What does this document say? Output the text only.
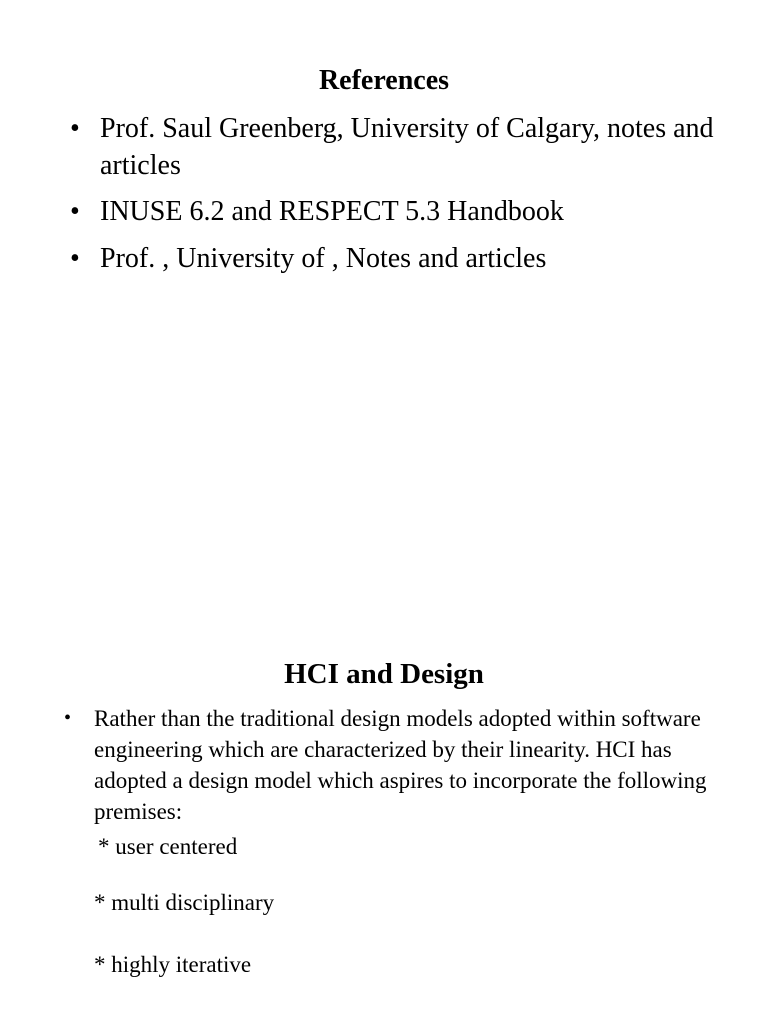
References

• Prof. Saul Greenberg, University of Calgary, notes and articles

• INUSE 6.2 and RESPECT 5.3 Handbook

• Prof. , University of , Notes and articles

HCI and Design

• Rather than the traditional design models adopted within software engineering which are characterized by their linearity. HCI has adopted a design model which aspires to incorporate the following premises:

* user centered

* multi disciplinary

* highly iterative
